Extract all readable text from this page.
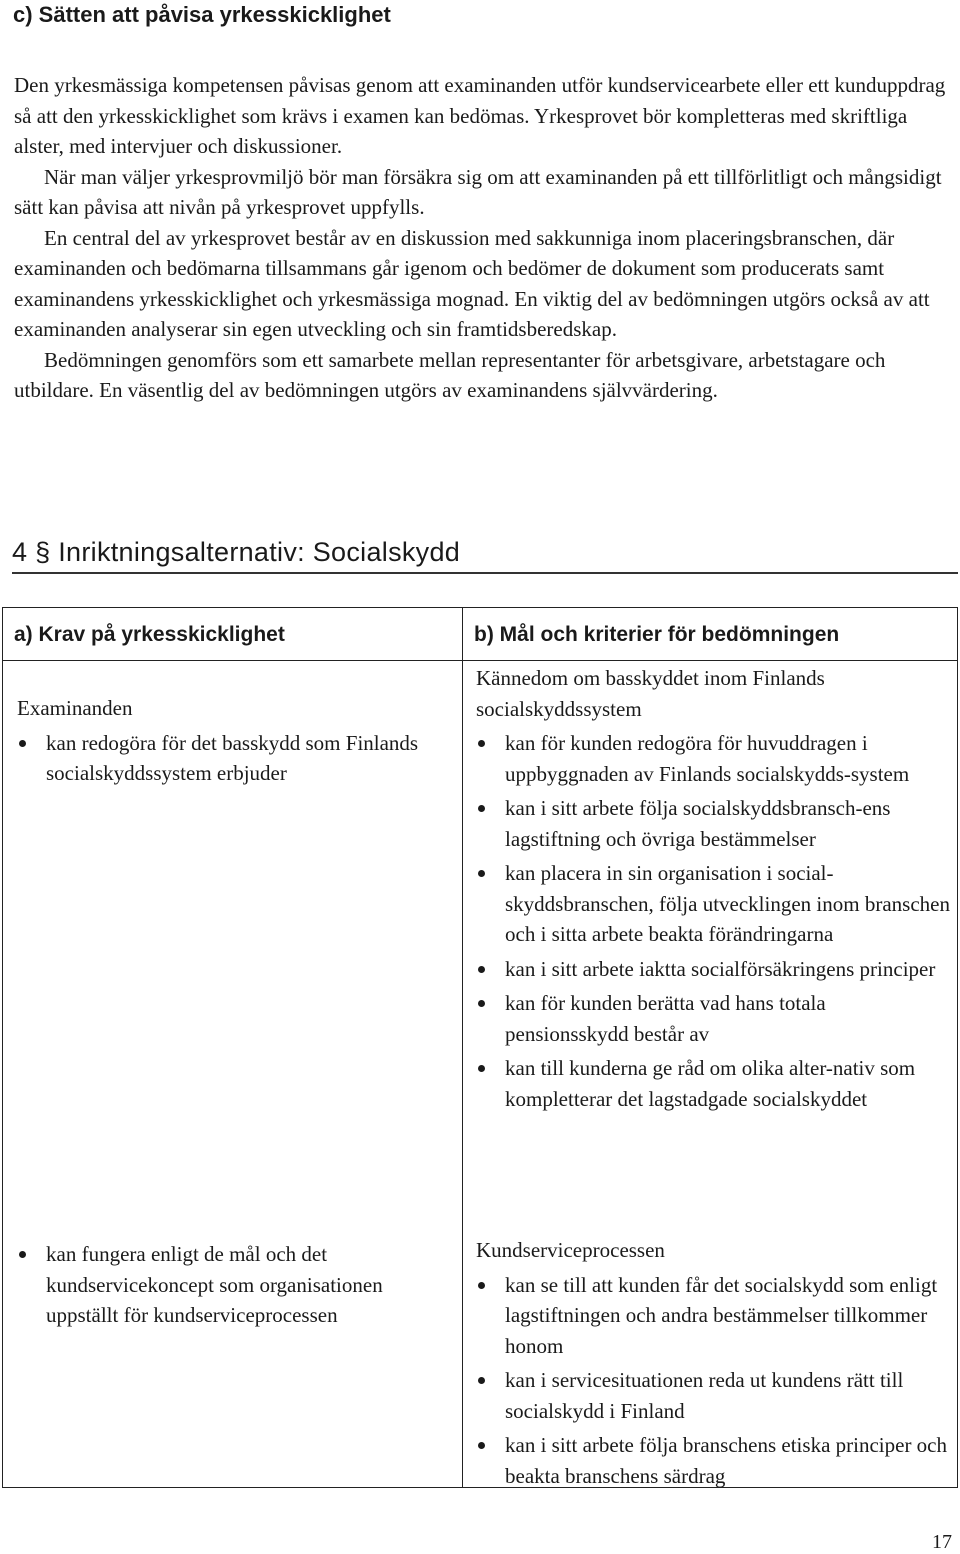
c) Sätten att påvisa yrkesskicklighet

Den yrkesmässiga kompetensen påvisas genom att examinanden utför kundservicearbete eller ett kunduppdrag så att den yrkesskicklighet som krävs i examen kan bedömas. Yrkesprovet bör kompletteras med skriftliga alster, med intervjuer och diskussioner.

När man väljer yrkesprovmiljö bör man försäkra sig om att examinanden på ett tillförlitligt och mångsidigt sätt kan påvisa att nivån på yrkesprovet uppfylls.

En central del av yrkesprovet består av en diskussion med sakkunniga inom placeringsbranschen, där examinanden och bedömarna tillsammans går igenom och bedömer de dokument som producerats samt examinandens yrkesskicklighet och yrkesmässiga mognad. En viktig del av bedömningen utgörs också av att examinanden analyserar sin egen utveckling och sin framtidsberedskap.

Bedömningen genomförs som ett samarbete mellan representanter för arbetsgivare, arbetstagare och utbildare. En väsentlig del av bedömningen utgörs av examinandens självvärdering.

4 § Inriktningsalternativ: Socialskydd
a) Krav på yrkesskicklighet	b) Mål och kriterier för bedömningen

Examinanden

kan redogöra för det basskydd som Finlands socialskyddssystem erbjuder
kan fungera enligt de mål och det kundservicekoncept som organisationen uppställt för kundserviceprocessen

Kännedom om basskyddet inom Finlands socialskyddssystem

kan för kunden redogöra för huvuddragen i uppbyggnaden av Finlands socialskydds-system
kan i sitt arbete följa socialskyddsbransch-ens lagstiftning och övriga bestämmelser
kan placera in sin organisation i social-skyddsbranschen, följa utvecklingen inom branschen och i sitta arbete beakta förändringarna
kan i sitt arbete iaktta socialförsäkringens principer
kan för kunden berätta vad hans totala pensionsskydd består av
kan till kunderna ge råd om olika alter-nativ som kompletterar det lagstadgade socialskyddet

Kundserviceprocessen

kan se till att kunden får det socialskydd som enligt lagstiftningen och andra bestämmelser tillkommer honom
kan i servicesituationen reda ut kundens rätt till socialskydd i Finland
kan i sitt arbete följa branschens etiska principer och beakta branschens särdrag
17
